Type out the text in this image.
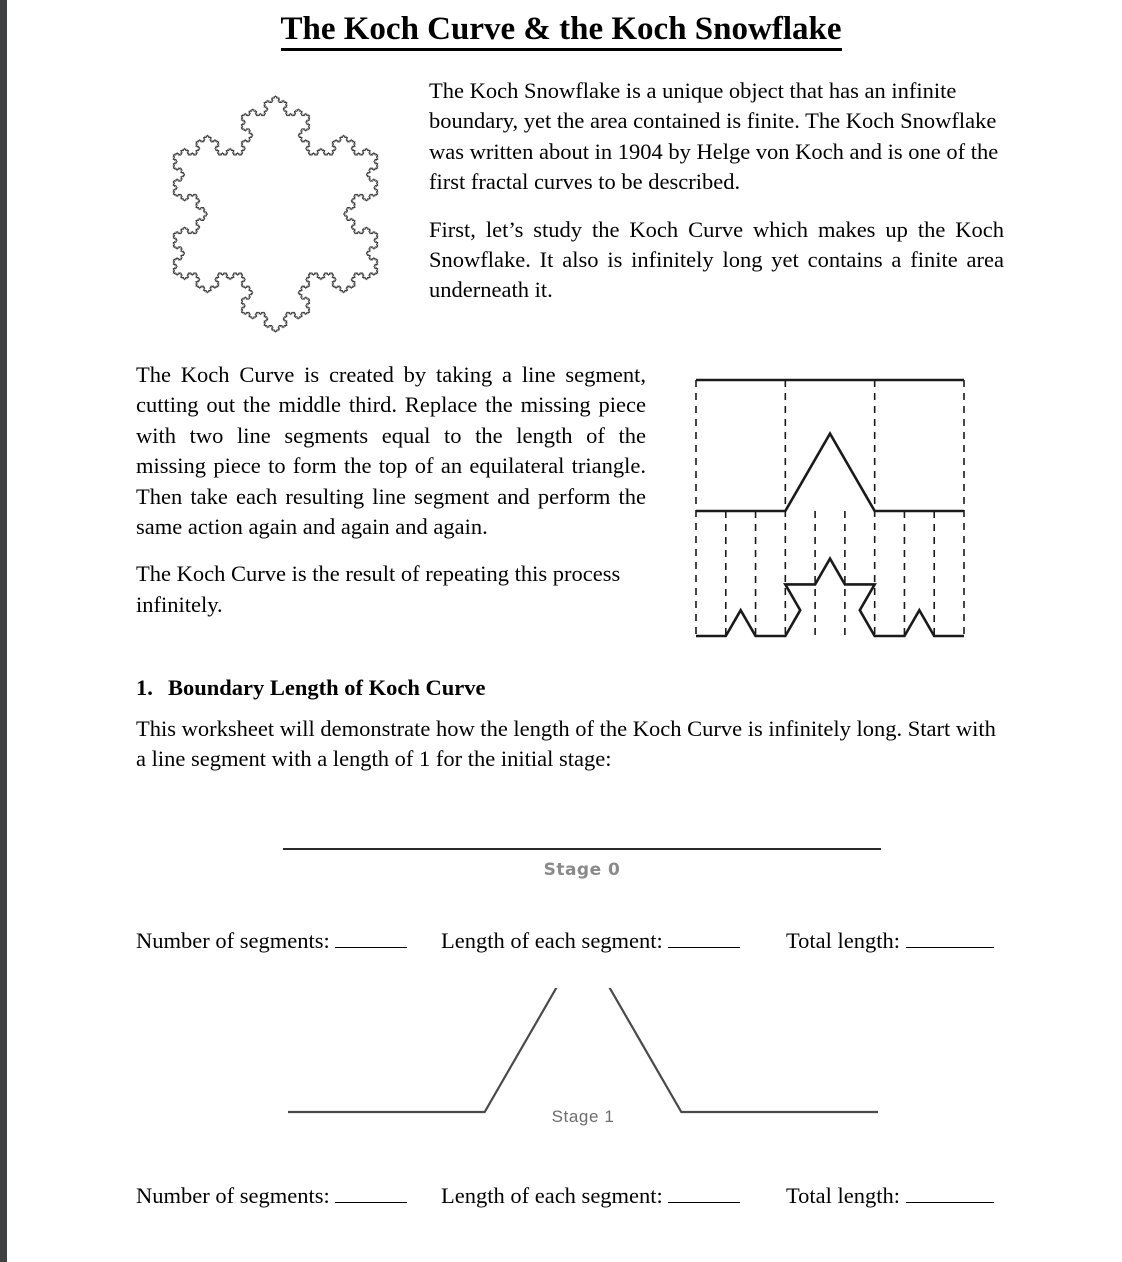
The Koch Curve & the Koch Snowflake

The Koch Snowflake is a unique object that has an infinite boundary, yet the area contained is finite. The Koch Snowflake was written about in 1904 by Helge von Koch and is one of the first fractal curves to be described.

First, let’s study the Koch Curve which makes up the Koch Snowflake. It also is infinitely long yet contains a finite area underneath it.

The Koch Curve is created by taking a line segment, cutting out the middle third. Replace the missing piece with two line segments equal to the length of the missing piece to form the top of an equilateral triangle. Then take each resulting line segment and perform the same action again and again and again.

The Koch Curve is the result of repeating this process infinitely.

1. Boundary Length of Koch Curve

This worksheet will demonstrate how the length of the Koch Curve is infinitely long. Start with a line segment with a length of 1 for the initial stage:

Stage 0
Number of segments:	Length of each segment:	Total length:
Stage 1
Number of segments:	Length of each segment:	Total length:
